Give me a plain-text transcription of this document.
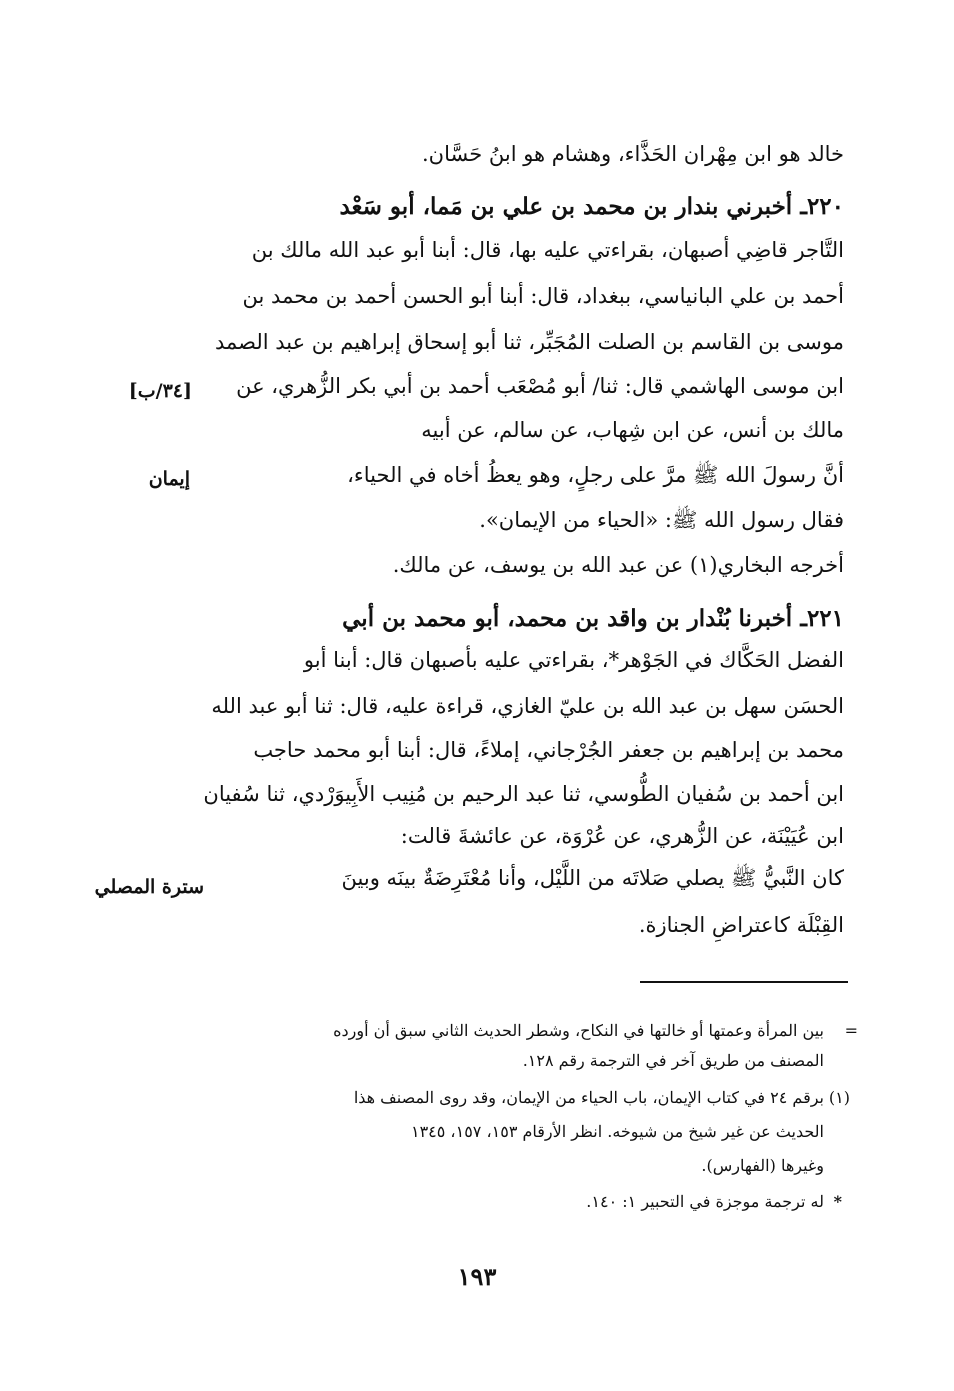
خالد هو ابن مِهْران الحَذَّاء، وهشام هو ابنُ حَسَّان.
٢٢٠ـ أخبرني بندار بن محمد بن علي بن مَما، أبو سَعْد
التَّاجر قاضِي أصبهان، بقراءتي عليه بها، قال: أبنا أبو عبد الله مالك بن
أحمد بن علي البانياسي، ببغداد، قال: أبنا أبو الحسن أحمد بن محمد بن
موسى بن القاسم بن الصلت المُجَبِّر، ثنا أبو إسحاق إبراهيم بن عبد الصمد
ابن موسى الهاشمي قال: ثنا/ أبو مُصْعَب أحمد بن أبي بكر الزُّهري، عن
مالك بن أنس، عن ابن شِهاب، عن سالم، عن أبيه
أنَّ رسولَ الله ﷺ مرَّ على رجلٍ، وهو يعظُ أخاه في الحياء،
فقال رسول الله ﷺ: «الحياء من الإيمان».
أخرجه البخاري(١) عن عبد الله بن يوسف، عن مالك.
٢٢١ـ أخبرنا بُنْدار بن واقد بن محمد، أبو محمد بن أبي
الفضل الحَكَّاك في الجَوْهر*، بقراءتي عليه بأصبهان قال: أبنا أبو
الحسَن سهل بن عبد الله بن عليّ الغازي، قراءة عليه، قال: ثنا أبو عبد الله
محمد بن إبراهيم بن جعفر الجُرْجاني، إملاءً، قال: أبنا أبو محمد حاجب
ابن أحمد بن سُفيان الطُّوسي، ثنا عبد الرحيم بن مُنِيب الأَبِيوَرْدي، ثنا سُفيان
ابن عُيَيْنَة، عن الزُّهري، عن عُرْوَة، عن عائشةَ قالت:
كان النَّبيُّ ﷺ يصلي صَلاتَه من اللَّيْل، وأنا مُعْتَرِضَةٌ بينَه وبينَ
القِبْلَة كاعتراضِ الجنازة.
[٣٤/ب]
إيمان
سترة المصلي
=
بين المرأة وعمتها أو خالتها في النكاح، وشطر الحديث الثاني سبق أن أورده
المصنف من طريق آخر في الترجمة رقم ١٢٨.
(١)
برقم ٢٤ في كتاب الإيمان، باب الحياء من الإيمان، وقد روى المصنف هذا
الحديث عن غير شيخ من شيوخه. انظر الأرقام ١٥٣، ١٥٧، ١٣٤٥
وغيرها (الفهارس).
*
له ترجمة موجزة في التحبير ١: ١٤٠.
١٩٣
